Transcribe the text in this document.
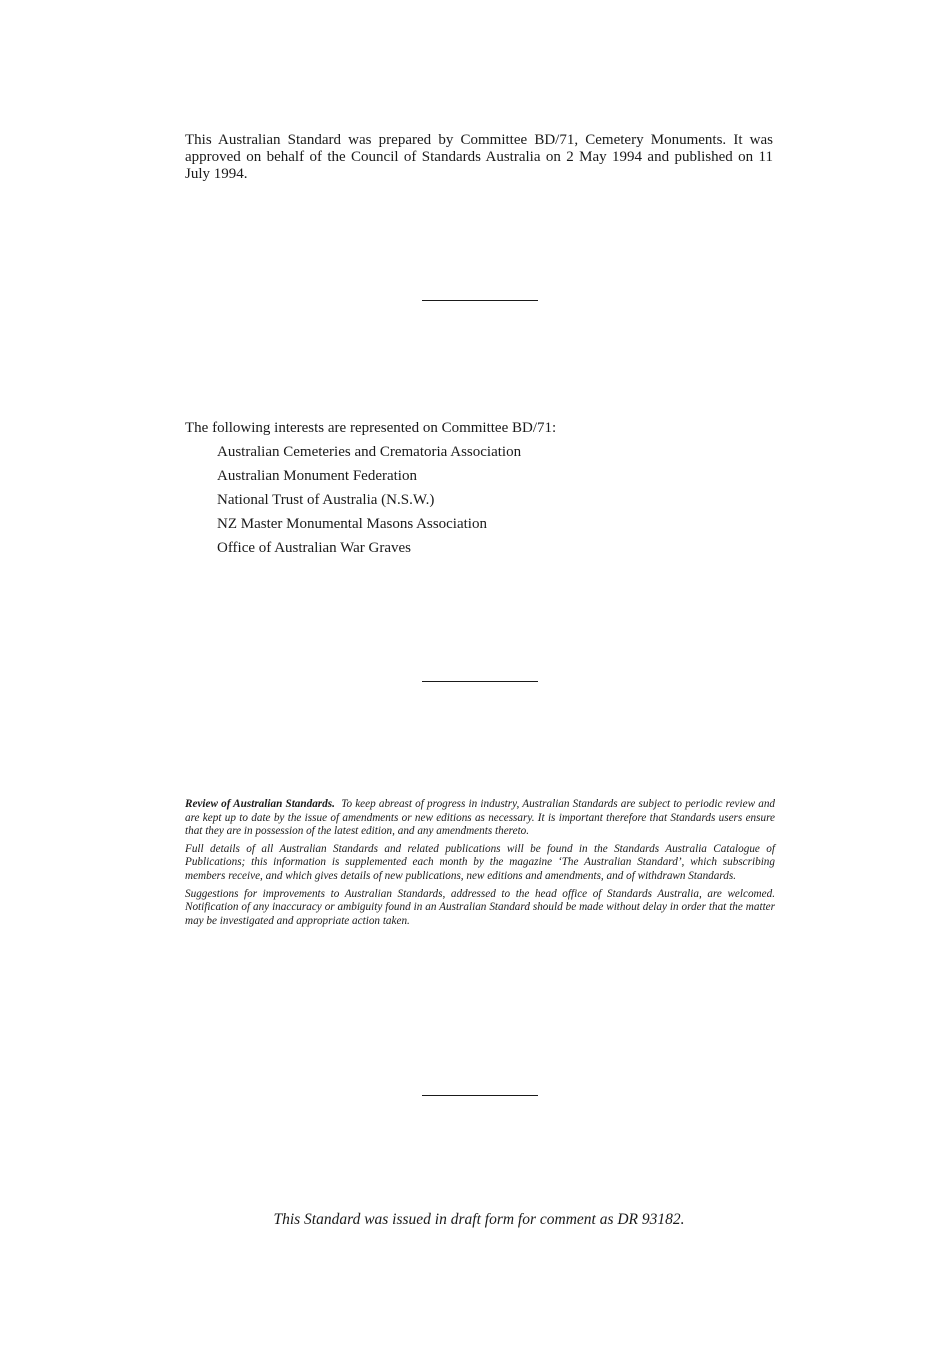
This Australian Standard was prepared by Committee BD/71, Cemetery Monuments. It was approved on behalf of the Council of Standards Australia on 2 May 1994 and published on 11 July 1994.

The following interests are represented on Committee BD/71:

Australian Cemeteries and Crematoria Association
Australian Monument Federation
National Trust of Australia (N.S.W.)
NZ Master Monumental Masons Association
Office of Australian War Graves

Review of Australian Standards. To keep abreast of progress in industry, Australian Standards are subject to periodic review and are kept up to date by the issue of amendments or new editions as necessary. It is important therefore that Standards users ensure that they are in possession of the latest edition, and any amendments thereto.

Full details of all Australian Standards and related publications will be found in the Standards Australia Catalogue of Publications; this information is supplemented each month by the magazine ‘The Australian Standard’, which subscribing members receive, and which gives details of new publications, new editions and amendments, and of withdrawn Standards.

Suggestions for improvements to Australian Standards, addressed to the head office of Standards Australia, are welcomed. Notification of any inaccuracy or ambiguity found in an Australian Standard should be made without delay in order that the matter may be investigated and appropriate action taken.

This Standard was issued in draft form for comment as DR 93182.
